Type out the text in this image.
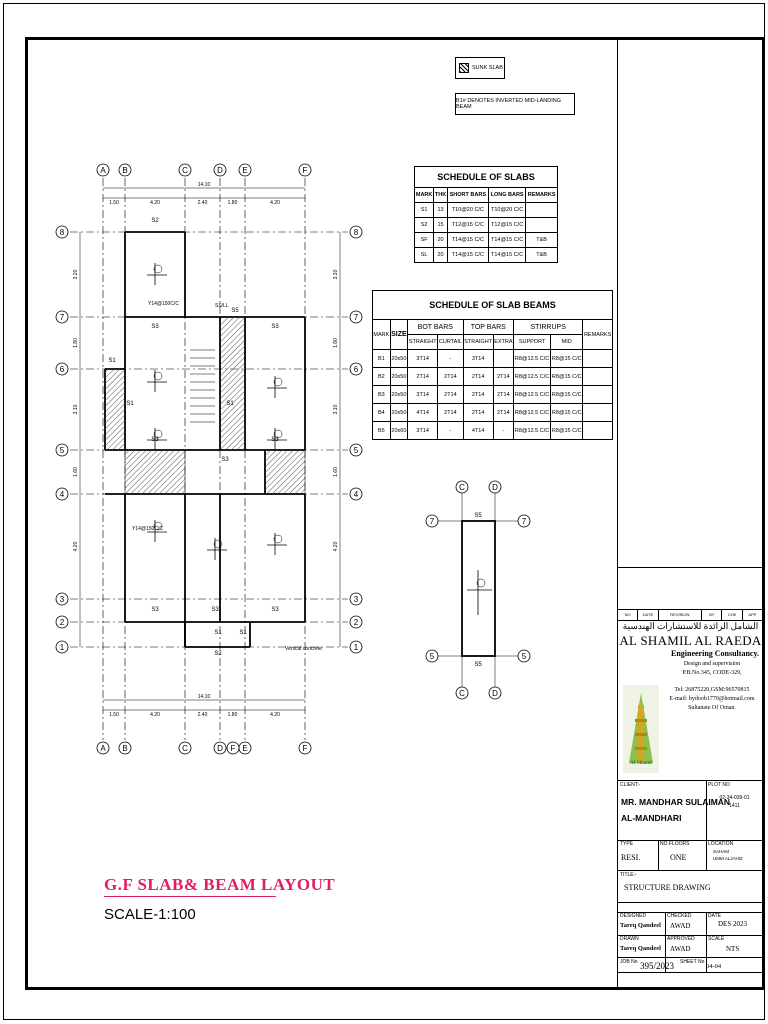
SUNK SLAB
B1# DENOTES INVERTED MID-LANDING BEAM
A B	C	D E	F
A B	C	D F E	F
8	8
7	7
6	6
5	5
4	4
3	3
2	2
1	1
14.10
1.50	4.20	2.40	1.80	4.20
14.10
1.50	4.20	2.40	1.80	4.20
3.20
1.80
3.10
1.60
4.20
3.20
1.80
3.10
1.60
4.20
S2
S3	S3
S3
S3
S3
S3	S3	S3
S1
S1	S1
S5
S1	S1
S2
Y14@150C/C
Y14@150C/C
SS/LL
Vertical concrete
SCHEDULE OF SLABS				
MARK	THK	SHORT BARS	LONG BARS	REMARKS
S1	13	T10@20 C/C	T10@20 C/C	
S2	15	T12@15 C/C	T12@15 C/C	
SF	20	T14@15 C/C	T14@15 C/C	T&B
SL	20	T14@15 C/C	T14@15 C/C	T&B
SCHEDULE OF SLAB BEAMS								
MARK	SIZE	BOT BARS		TOP BARS		STIRRUPS		REMARKS
		STRAIGHT	CURTAIL	STRAIGHT	EXTRA	SUPPORT	MID	
B1	20x50	3T14	-	3T14		R8@12.5 C/C	R8@15 C/C	
B2	20x50	2T14	2T14	2T14	2T14	R8@12.5 C/C	R8@15 C/C	
B3	20x50	3T14	2T14	2T14	2T14	R8@12.5 C/C	R8@15 C/C	
B4	20x50	4T14	2T14	2T14	2T14	R8@12.5 C/C	R8@15 C/C	
B5	20x60	3T14	-	4T14	-	R8@12.5 C/C	R8@15 C/C	
C
C
D
D
7	7
5	5
S5
S5
G.F SLAB& BEAM LAYOUT
SCALE-1:100
NO	DATE	REVISION	BY	CHK	APP
الشامل الرائدة للاستشارات الهندسية
AL SHAMIL AL RAEDA
Engineering Consultancy.
Al-Shamil
Design and supervision
P.B.No.345, CODE-329,
Tel: 26875220,GSM:96570815
E-mail: bydoob1770@hotmail.com
Sultanate Of Oman.
CLIENT:-
MR. MANDHAR SULAIMAN
AL-MANDHARI
PLOT NO
02-34-039-01
1411
TYPE
RESI.
NO.FLOORS
ONE
LOCATION
SAHAM
UMM ALJAHIZ
TITLE:-
STRUCTURE DRAWING
DESIGNED
Tareq Qandeel
CHECKED
AWAD
DATE
DES 2023
DRAWN
Tareq Qandeel
APPROVED
AWAD
SCALE
NTS
JOB No 395/2023 SHEET No
04-04
